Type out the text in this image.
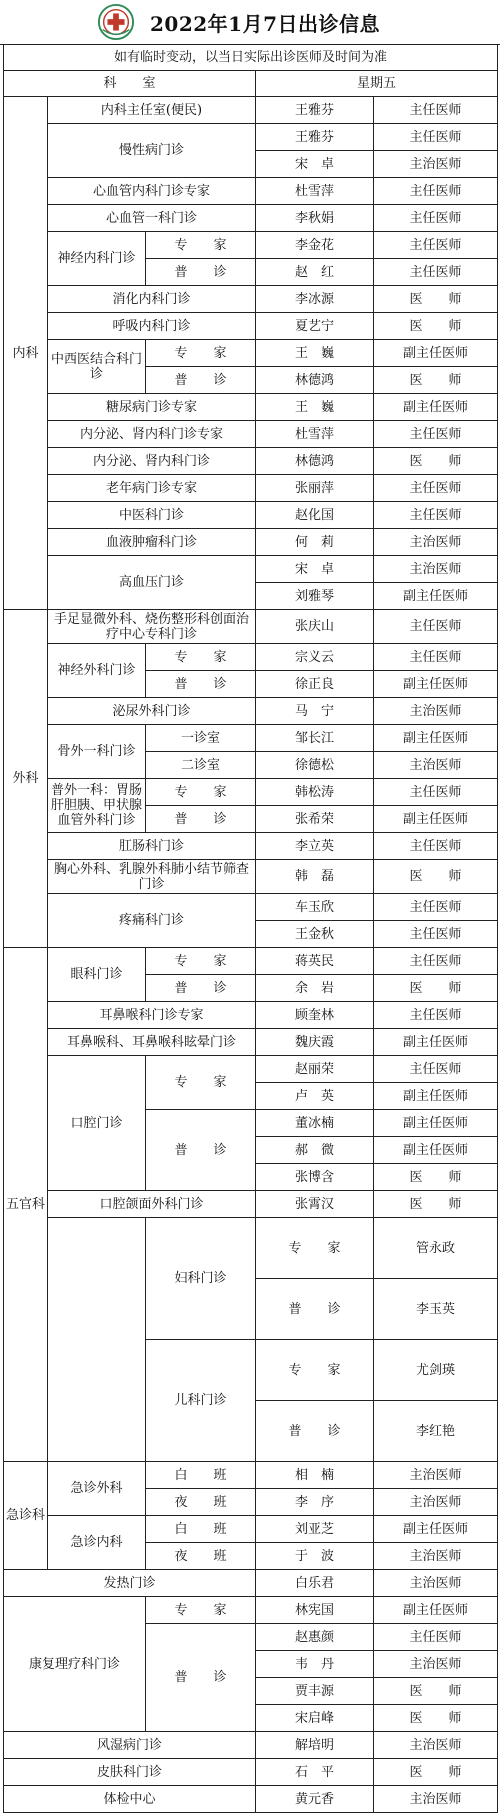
2022年1月7日出诊信息
如有临时变动，以当日实际出诊医师及时间为准					
科　　室			星期五		
内科	内科主任室(便民)		王雅芬	主任医师	
	慢性病门诊		王雅芬	主任医师	
			宋　卓	主治医师	
	心血管内科门诊专家		杜雪萍	主任医师	
	心血管一科门诊		李秋娟	主任医师	
	神经内科门诊	专　　家	李金花	主任医师	
		普　　诊	赵　红	主任医师	
	消化内科门诊		李冰源	医　　师	
	呼吸内科门诊		夏艺宁	医　　师	
	中西医结合科门诊	专　　家	王　巍	副主任医师	
		普　　诊	林德鸿	医　　师	
	糖尿病门诊专家		王　巍	副主任医师	
	内分泌、肾内科门诊专家		杜雪萍	主任医师	
	内分泌、肾内科门诊		林德鸿	医　　师	
	老年病门诊专家		张丽萍	主任医师	
	中医科门诊		赵化国	主任医师	
	血液肿瘤科门诊		何　莉	主治医师	
	高血压门诊		宋　卓	主治医师	
			刘雅琴	副主任医师	
外科	手足显微外科、烧伤整形科创面治疗中心专科门诊		张庆山	主任医师	
	神经外科门诊	专　　家	宗义云	主任医师	
		普　　诊	徐正良	副主任医师	
	泌尿外科门诊		马　宁	主治医师	
	骨外一科门诊	一诊室	邹长江	副主任医师	
		二诊室	徐德松	主治医师	
	普外一科：胃肠肝胆胰、甲状腺血管外科门诊	专　　家	韩松涛	主任医师	
		普　　诊	张希荣	副主任医师	
	肛肠科门诊		李立英	主任医师	
	胸心外科、乳腺外科肺小结节筛查门诊		韩　磊	医　　师	
	疼痛科门诊		车玉欣	主任医师	
			王金秋	主任医师	
五官科	眼科门诊	专　　家	蒋英民	主任医师	
		普　　诊	余　岩	医　　师	
	耳鼻喉科门诊专家		顾奎林	主任医师	
	耳鼻喉科、耳鼻喉科眩晕门诊		魏庆霞	副主任医师	
	口腔门诊	专　　家	赵丽荣	主任医师	
			卢　英	副主任医师	
		普　　诊	董冰楠	副主任医师	
			郝　微	副主任医师	
			张博含	医　　师	
	口腔颌面外科门诊		张霄汉	医　　师	
		妇科门诊	专　　家	管永政	
			普　　诊	李玉英	
		儿科门诊	专　　家	尤剑瑛	
			普　　诊	李红艳	
急诊科	急诊外科	白　　班	相　楠	主治医师	
		夜　　班	李　序	主治医师	
	急诊内科	白　　班	刘亚芝	副主任医师	
		夜　　班	于　波	主治医师	
发热门诊			白乐君	主治医师	
康复理疗科门诊		专　　家	林宪国	副主任医师	
		普　　诊	赵惠颜	主任医师	
			韦　丹	主治医师	
			贾丰源	医　　师	
			宋启峰	医　　师	
风湿病门诊			解培明	主治医师	
皮肤科门诊			石　平	医　　师	
体检中心			黄元香	主治医师	
